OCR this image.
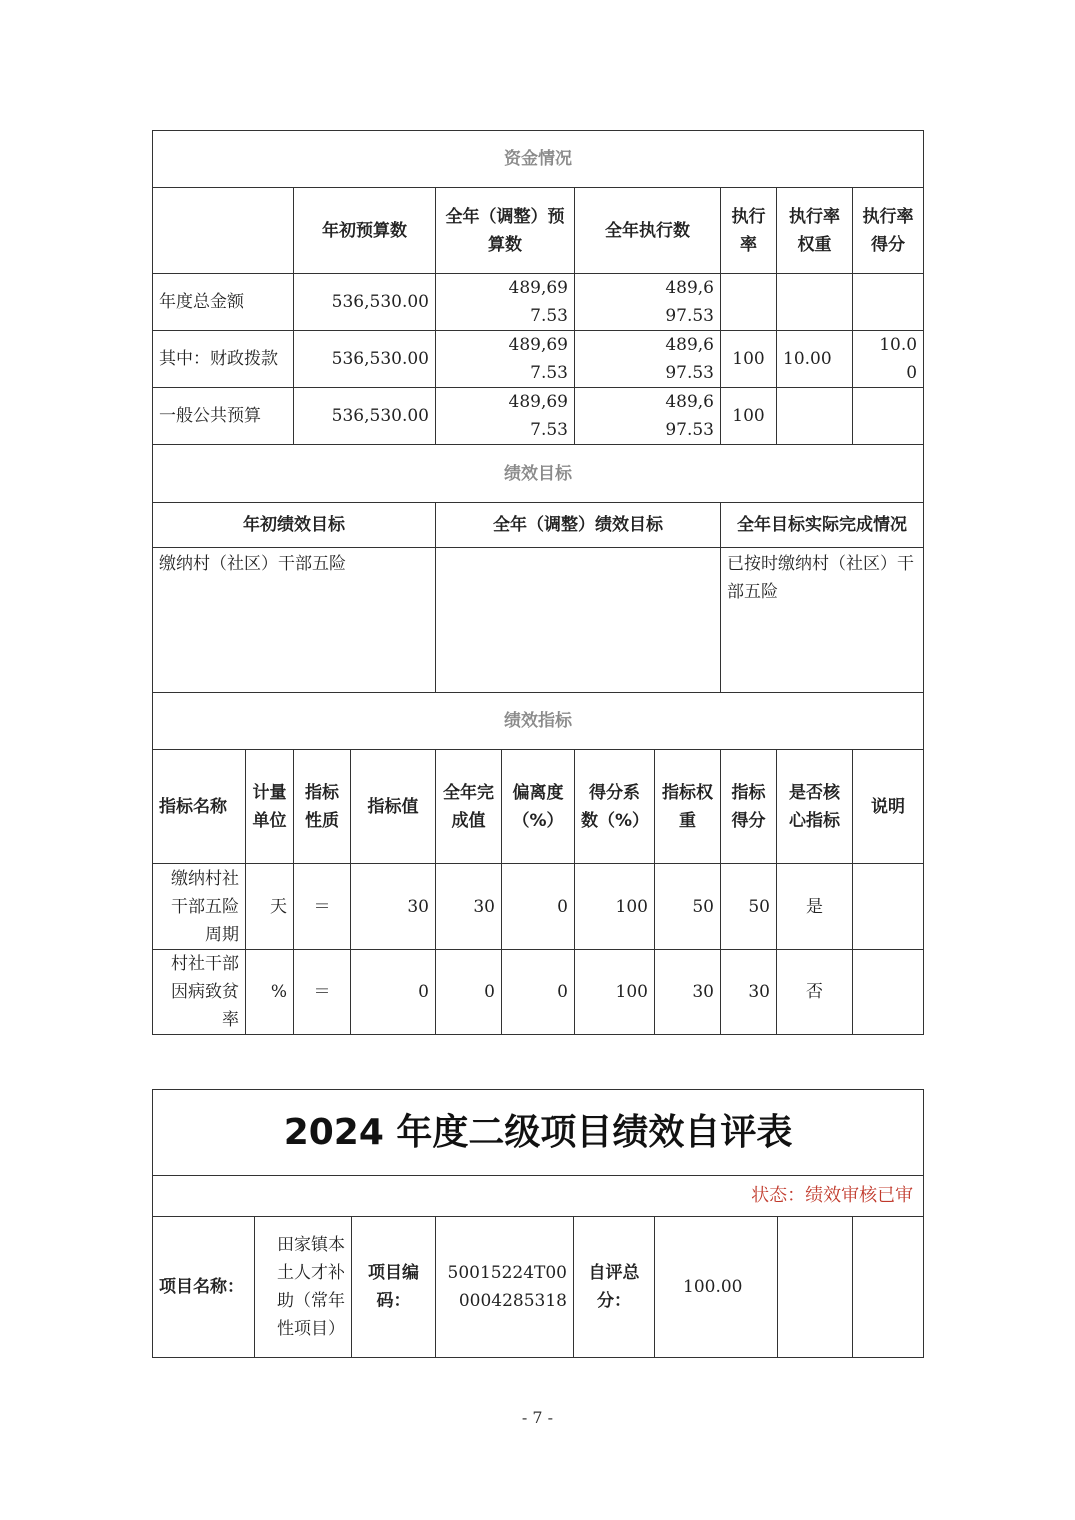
资金情况										
		年初预算数		全年（调整）预算数		全年执行数		执行率	执行率权重	执行率得分
年度总金额		536,530.00		489,697.53		489,697.53				
其中：财政拨款		536,530.00		489,697.53		489,697.53		100	10.00	10.00
一般公共预算		536,530.00		489,697.53		489,697.53		100		
绩效目标										
年初绩效目标				全年（调整）绩效目标				全年目标实际完成情况		
缴纳村（社区）干部五险								已按时缴纳村（社区）干部五险		
绩效指标										
指标名称	计量单位	指标性质	指标值	全年完成值	偏离度（%）	得分系数（%）	指标权重	指标得分	是否核心指标	说明
缴纳村社干部五险周期	天	＝	30	30	0	100	50	50	是	
村社干部因病致贫率	%	＝	0	0	0	100	30	30	否	
2024 年度二级项目绩效自评表
状态：绩效审核已审
项目名称：	田家镇本土人才补助（常年性项目）	项目编码：	50015224T000004285318	自评总分：	100.00		
- 7 -
